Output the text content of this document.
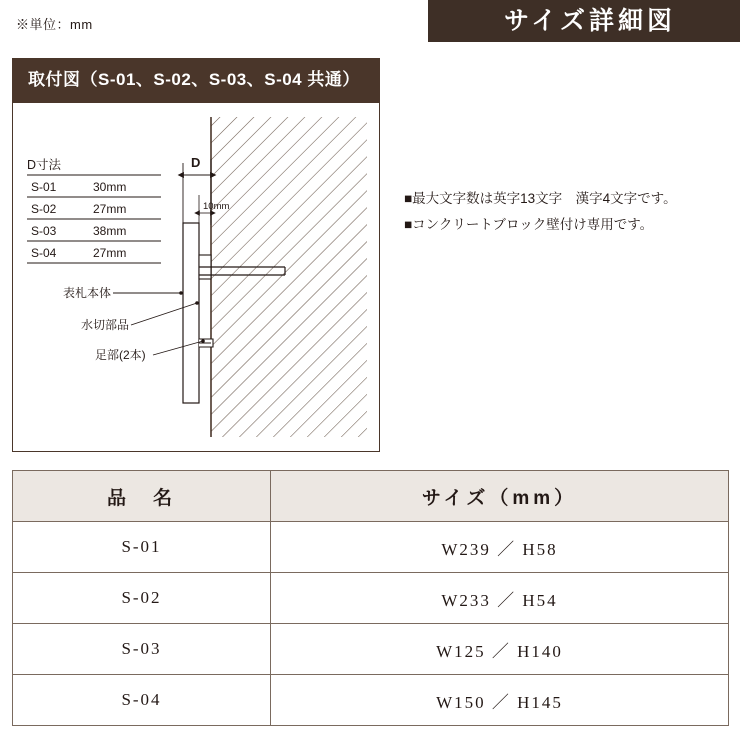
※単位：mm	サイズ詳細図
取付図（S-01、S-02、S-03、S-04 共通）
D寸法
S-01	30mm
S-02	27mm
S-03	38mm
S-04	27mm
D
10mm
表札本体
水切部品
足部(2本)
■最大文字数は英字13文字　漢字4文字です。
■コンクリートブロック壁付け専用です。
品　名	サイズ（mm）
S-01	W239 ／ H58
S-02	W233 ／ H54
S-03	W125 ／ H140
S-04	W150 ／ H145
